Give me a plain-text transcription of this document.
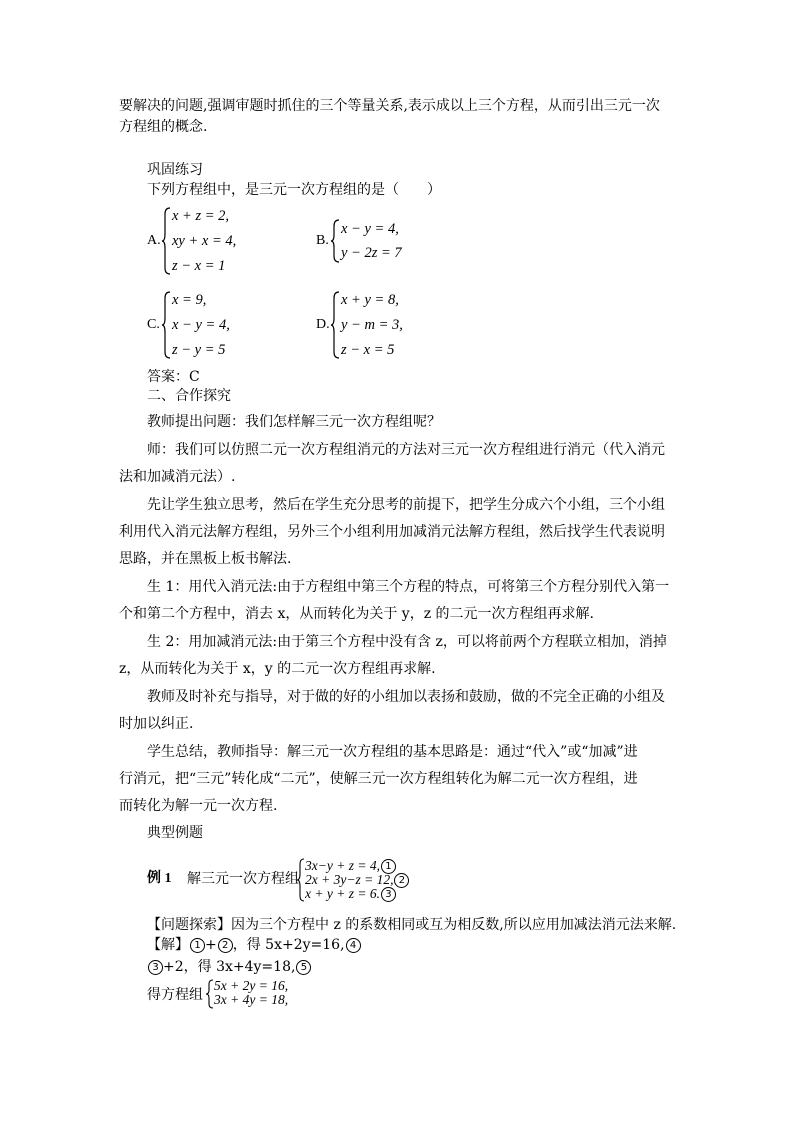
要解决的问题,强调审题时抓住的三个等量关系,表示成以上三个方程，从而引出三元一次
方程组的概念.
巩固练习
下列方程组中，是三元一次方程组的是（　　）
A.
x + z = 2,
xy + x = 4,
z − x = 1
B.
x − y = 4,
y − 2z = 7
C.
x = 9,
x − y = 4,
z − y = 5
D.
x + y = 8,
y − m = 3,
z − x = 5
答案：C
二、合作探究
教师提出问题：我们怎样解三元一次方程组呢？
师：我们可以仿照二元一次方程组消元的方法对三元一次方程组进行消元（代入消元
法和加减消元法）.
先让学生独立思考，然后在学生充分思考的前提下，把学生分成六个小组，三个小组
利用代入消元法解方程组，另外三个小组利用加减消元法解方程组，然后找学生代表说明
思路，并在黑板上板书解法.
生 1：用代入消元法:由于方程组中第三个方程的特点，可将第三个方程分别代入第一
个和第二个方程中，消去 x，从而转化为关于 y，z 的二元一次方程组再求解.
生 2：用加减消元法:由于第三个方程中没有含 z，可以将前两个方程联立相加，消掉
z，从而转化为关于 x，y 的二元一次方程组再求解.
教师及时补充与指导，对于做的好的小组加以表扬和鼓励，做的不完全正确的小组及
时加以纠正.
学生总结，教师指导：解三元一次方程组的基本思路是：通过“代入”或“加减”进
行消元，把“三元”转化成“二元”，使解三元一次方程组转化为解二元一次方程组，进
而转化为解一元一次方程.
典型例题
例 1 解三元一次方程组
3x−y + z = 4, 1
2x + 3y−z = 12, 2
x + y + z = 6. 3
【问题探索】因为三个方程中 z 的系数相同或互为相反数,所以应用加减法消元法来解.
【解】 1 + 2 ，得 5x+2y=16, 4
3 +2，得 3x+4y=18, 5
得方程组
5x + 2y = 16,
3x + 4y = 18,
